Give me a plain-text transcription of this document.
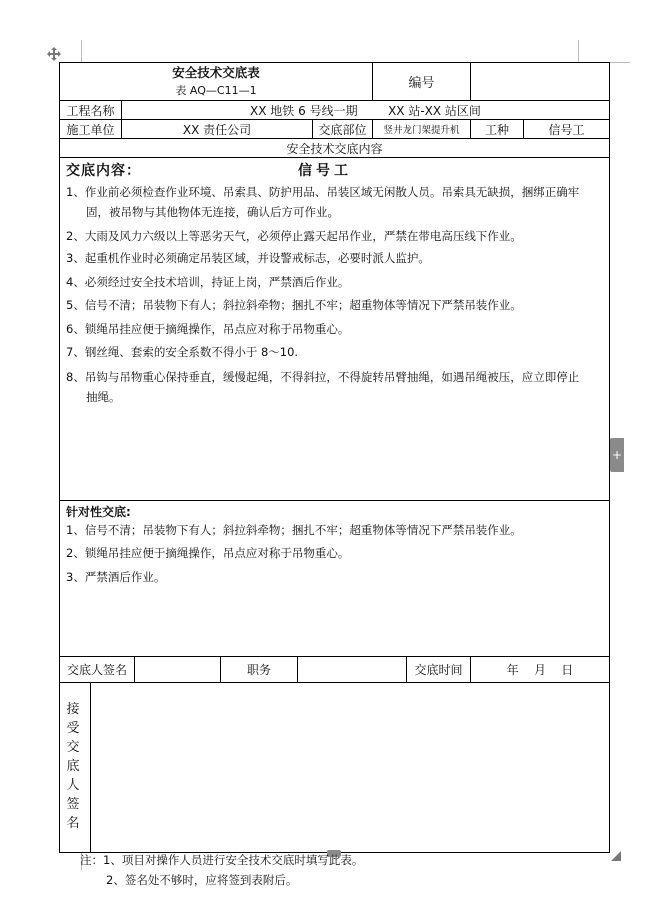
安全技术交底表
表 AQ—C11—1	编号
工程名称	XX 地铁 6 号线一期        XX 站-XX 站区间
施工单位	XX 责任公司	交底部位	竖井龙门架提升机	工种	信号工
安全技术交底内容
交底内容：	信号工
1、作业前必须检查作业环境、吊索具、防护用品、吊装区域无闲散人员。吊索具无缺损，捆绑正确牢
固，被吊物与其他物体无连接，确认后方可作业。
2、大雨及风力六级以上等恶劣天气，必须停止露天起吊作业，严禁在带电高压线下作业。
3、起重机作业时必须确定吊装区域，并设警戒标志，必要时派人监护。
4、必须经过安全技术培训，持证上岗，严禁酒后作业。
5、信号不清；吊装物下有人；斜拉斜牵物；捆扎不牢；超重物体等情况下严禁吊装作业。
6、锁绳吊挂应便于摘绳操作，吊点应对称于吊物重心。
7、钢丝绳、套索的安全系数不得小于 8～10.
8、吊钩与吊物重心保持垂直，缓慢起绳，不得斜拉，不得旋转吊臂抽绳，如遇吊绳被压，应立即停止
抽绳。
针对性交底:
1、信号不清；吊装物下有人；斜拉斜牵物；捆扎不牢；超重物体等情况下严禁吊装作业。
2、锁绳吊挂应便于摘绳操作，吊点应对称于吊物重心。
3、严禁酒后作业。
交底人签名	职务	交底时间	年    月    日
接受交底人签名
+
注：1、项目对操作人员进行安全技术交底时填写此表。
2、签名处不够时，应将签到表附后。
